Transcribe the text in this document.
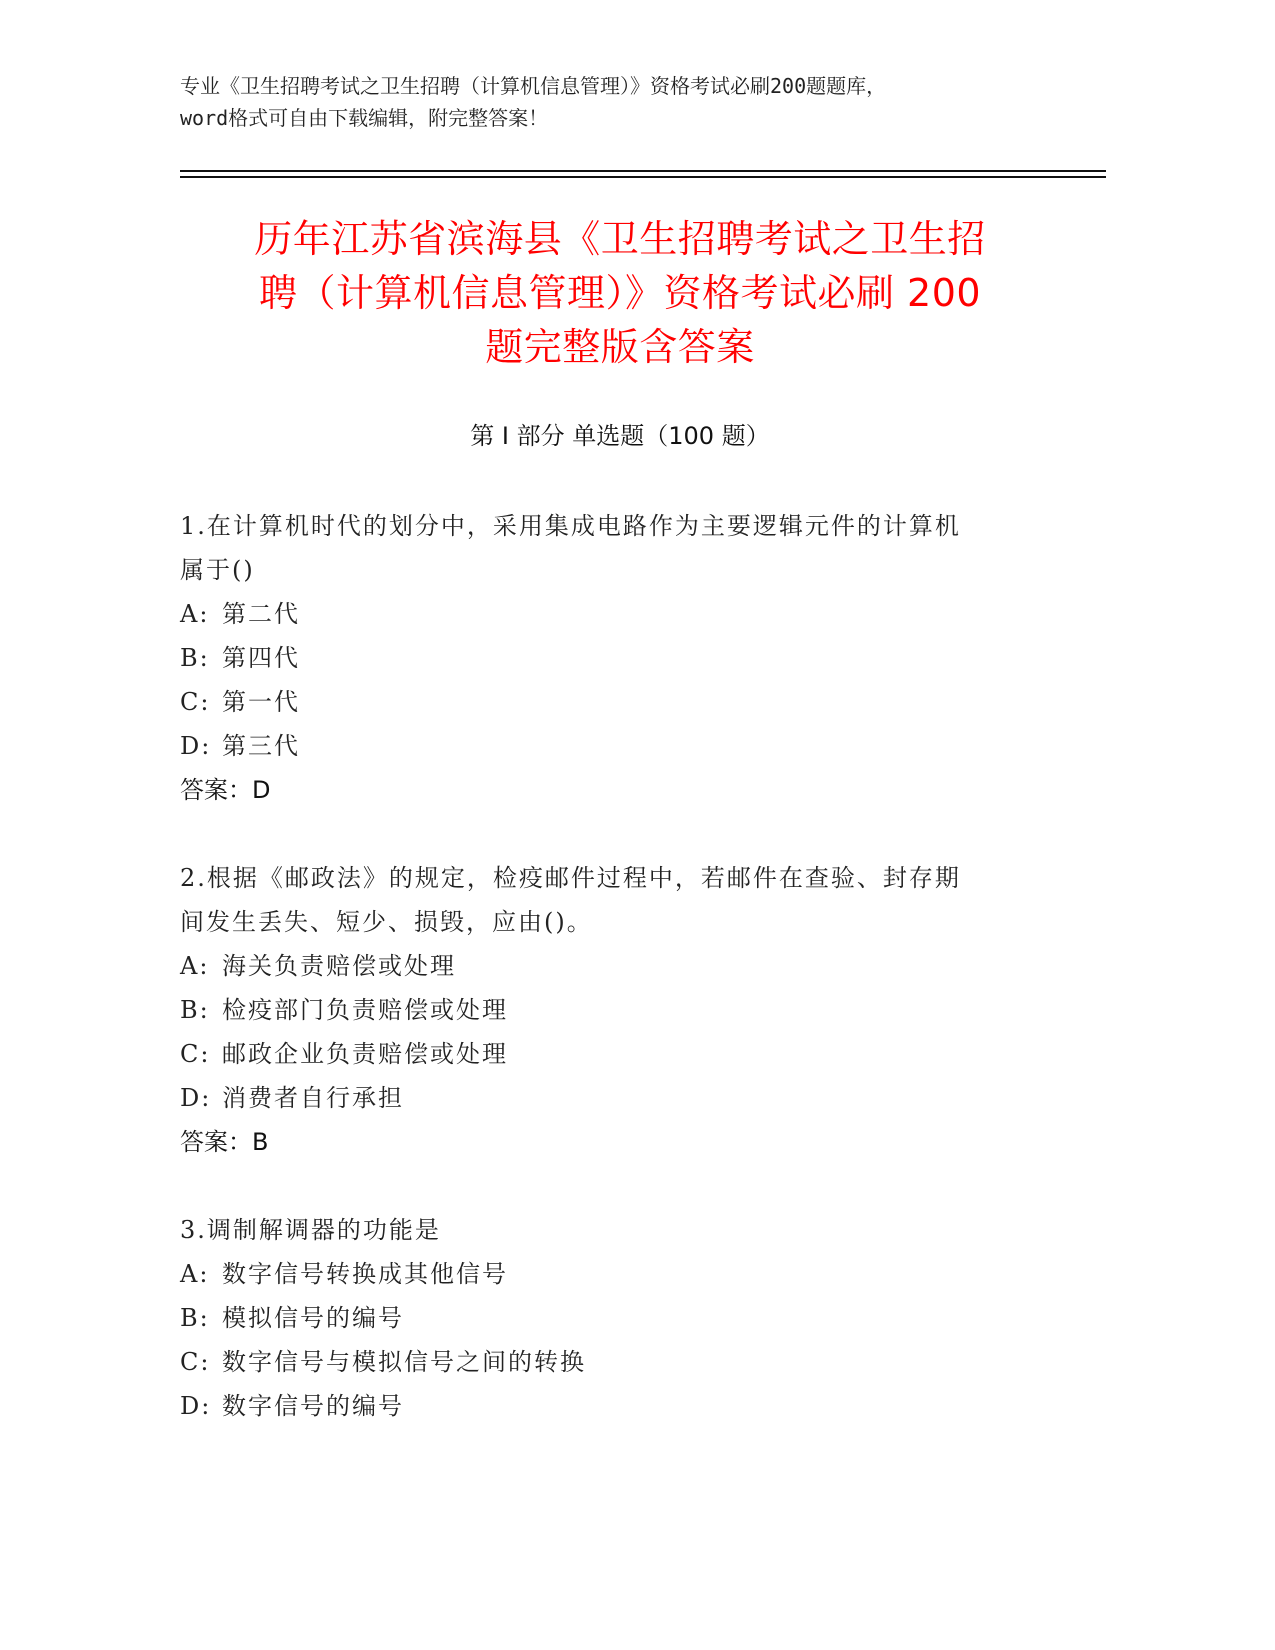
专业《卫生招聘考试之卫生招聘（计算机信息管理）》资格考试必刷200题题库，
word格式可自由下载编辑，附完整答案！
历年江苏省滨海县《卫生招聘考试之卫生招
聘（计算机信息管理）》资格考试必刷 200
题完整版含答案
第 I 部分 单选题（100 题）
1.在计算机时代的划分中，采用集成电路作为主要逻辑元件的计算机
属于()
A: 第二代
B: 第四代
C: 第一代
D: 第三代
答案：D
2.根据《邮政法》的规定，检疫邮件过程中，若邮件在查验、封存期
间发生丢失、短少、损毁，应由()。
A: 海关负责赔偿或处理
B: 检疫部门负责赔偿或处理
C: 邮政企业负责赔偿或处理
D: 消费者自行承担
答案：B
3.调制解调器的功能是
A: 数字信号转换成其他信号
B: 模拟信号的编号
C: 数字信号与模拟信号之间的转换
D: 数字信号的编号
